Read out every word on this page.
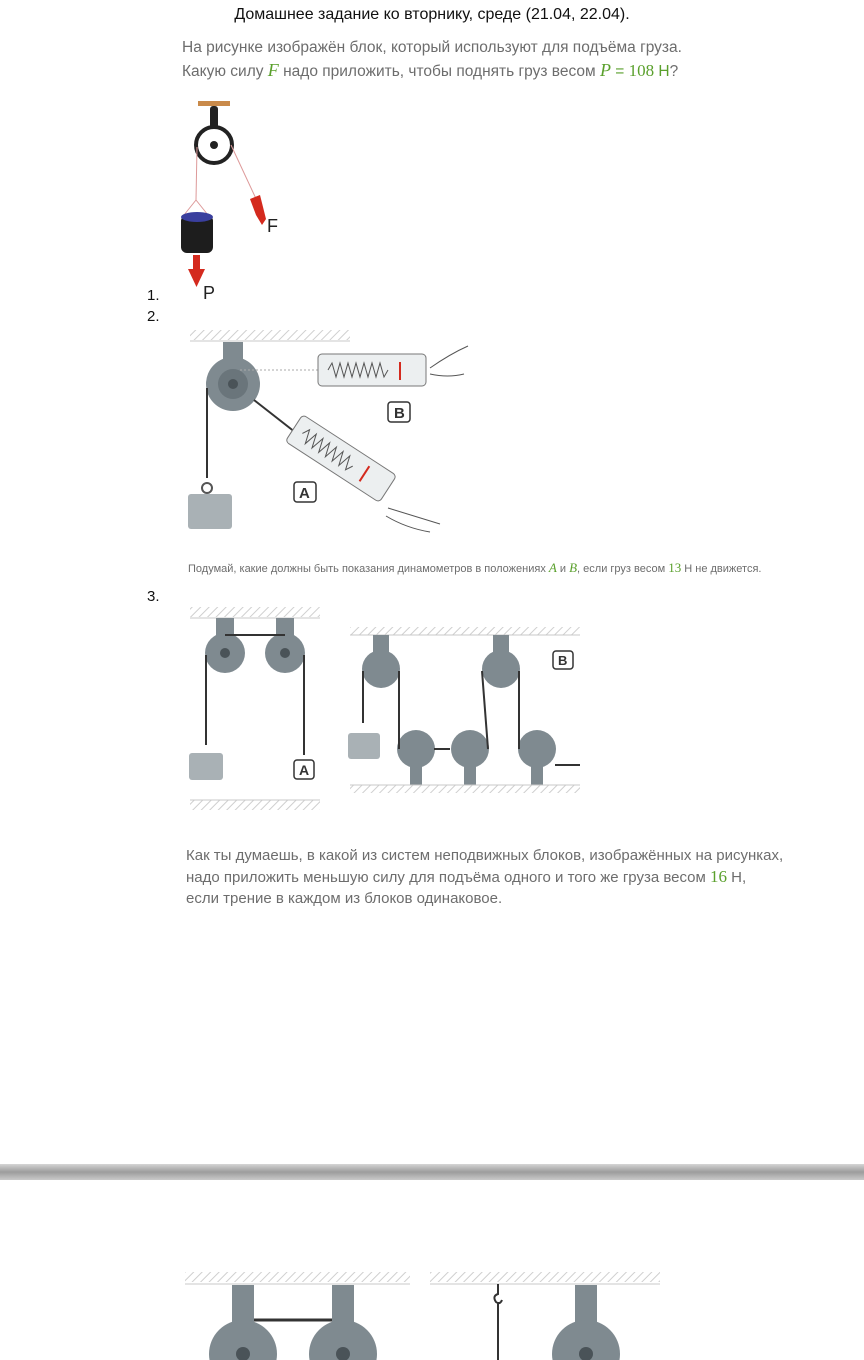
Домашнее задание ко вторнику, среде (21.04, 22.04).
На рисунке изображён блок, который используют для подъёма груза.
Какую силу F надо приложить, чтобы поднять груз весом P = 108 Н?
F
P
1.
2.
3.
B
A
Подумай, какие должны быть показания динамометров в положениях A и B, если груз весом 13 Н не движется.
A
B
Как ты думаешь, в какой из систем неподвижных блоков, изображённых на рисунках,
надо приложить меньшую силу для подъёма одного и того же груза весом 16 Н,
если трение в каждом из блоков одинаковое.
